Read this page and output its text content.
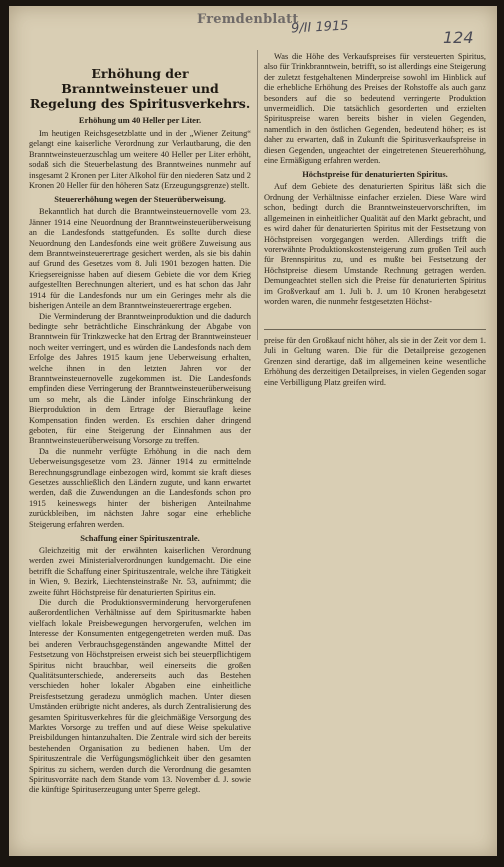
Fremdenblatt
9/II 1915
124
Erhöhung der Branntweinsteuer und
Regelung des Spiritusverkehrs.
Erhöhung um 40 Heller per Liter.

Im heutigen Reichsgesetzblatte und in der „Wiener Zeitung“ gelangt eine kaiserliche Verordnung zur Verlautbarung, die den Branntweinsteuerzuschlag um weitere 40 Heller per Liter erhöht, sodaß sich die Steuerbelastung des Branntweines nunmehr auf insgesamt 2 Kronen per Liter Alkohol für den niederen Satz und 2 Kronen 20 Heller für den höheren Satz (Erzeugungsgrenze) stellt.

Steuererhöhung wegen der Steuerüberweisung.

Bekanntlich hat durch die Branntweinsteuernovelle vom 23. Jänner 1914 eine Neuordnung der Branntweinsteuerüberweisung an die Landesfonds stattgefunden. Es sollte durch diese Neuordnung den Landesfonds eine weit größere Zuweisung aus dem Branntweinsteuerertrage gesichert werden, als sie bis dahin auf Grund des Gesetzes vom 8. Juli 1901 bezogen hatten. Die Kriegsereignisse haben auf diesem Gebiete die vor dem Krieg aufgestellten Berechnungen alteriert, und es hat schon das Jahr 1914 für die Landesfonds nur um ein Geringes mehr als die bisherigen Anteile an dem Branntweinsteuerertrage ergeben.

Die Verminderung der Branntweinproduktion und die dadurch bedingte sehr beträchtliche Einschränkung der Abgabe von Branntwein für Trinkzwecke hat den Ertrag der Branntweinsteuer noch weiter verringert, und es würden die Landesfonds nach dem Erfolge des Jahres 1915 kaum jene Ueberweisung erhalten, welche ihnen in den letzten Jahren vor der Branntweinsteuernovelle zugekommen ist. Die Landesfonds empfinden diese Verringerung der Branntweinsteuerüberweisung um so mehr, als die Länder infolge Einschränkung der Bierproduktion in dem Ertrage der Bierauflage keine Kompensation finden werden. Es erschien daher dringend geboten, für eine Steigerung der Einnahmen aus der Branntweinsteuerüberweisung Vorsorge zu treffen.

Da die nunmehr verfügte Erhöhung in die nach dem Ueberweisungsgesetze vom 23. Jänner 1914 zu ermittelnde Berechnungsgrundlage einbezogen wird, kommt sie kraft dieses Gesetzes ausschließlich den Ländern zugute, und kann erwartet werden, daß die Zuwendungen an die Landesfonds schon pro 1915 keineswegs hinter der bisherigen Anteilnahme zurückbleiben, im nächsten Jahre sogar eine erhebliche Steigerung erfahren werden.

Schaffung einer Spirituszentrale.

Gleichzeitig mit der erwähnten kaiserlichen Verordnung werden zwei Ministerialverordnungen kundgemacht. Die eine betrifft die Schaffung einer Spirituszentrale, welche ihre Tätigkeit in Wien, 9. Bezirk, Liechtensteinstraße Nr. 53, aufnimmt; die zweite führt Höchstpreise für denaturierten Spiritus ein.

Die durch die Produktionsverminderung hervorgerufenen außerordentlichen Verhältnisse auf dem Spiritusmarkte haben vielfach lokale Preisbewegungen hervorgerufen, welchen im Interesse der Konsumenten entgegengetreten werden muß. Das bei anderen Verbrauchsgegenständen angewandte Mittel der Festsetzung von Höchstpreisen erweist sich bei steuerpflichtigem Spiritus nicht brauchbar, weil einerseits die großen Qualitätsunterschiede, andererseits auch das Bestehen verschieden hoher lokaler Abgaben eine einheitliche Preisfestsetzung geradezu unmöglich machen. Unter diesen Umständen erübrigte nicht anderes, als durch Zentralisierung des gesamten Spiritusverkehres für die gleichmäßige Versorgung des Marktes Vorsorge zu treffen und auf diese Weise spekulative Preisbildungen hintanzuhalten. Die Zentrale wird sich der bereits bestehenden Organisation zu bedienen haben. Um der Spirituszentrale die Verfügungsmöglichkeit über den gesamten Spiritus zu sichern, werden durch die Verordnung die gesamten Spiritusvorräte nach dem Stande vom 13. November d. J. sowie die künftige Spirituserzeugung unter Sperre gelegt.

Was die Höhe des Verkaufspreises für versteuerten Spiritus, also für Trinkbranntwein, betrifft, so ist allerdings eine Steigerung der zuletzt festgehaltenen Minderpreise sowohl im Hinblick auf die erhebliche Erhöhung des Preises der Rohstoffe als auch ganz besonders auf die so bedeutend verringerte Produktion unvermeidlich. Die tatsächlich gesorderten und erzielten Spirituspreise waren bereits bisher in vielen Gegenden, namentlich in den östlichen Gegenden, bedeutend höher; es ist daher zu erwarten, daß in Zukunft die Spiritusverkaufspreise in diesen Gegenden, ungeachtet der eingetretenen Steuererhöhung, eine Ermäßigung erfahren werden.

Höchstpreise für denaturierten Spiritus.

Auf dem Gebiete des denaturierten Spiritus läßt sich die Ordnung der Verhältnisse einfacher erzielen. Diese Ware wird schon, bedingt durch die Branntweinsteuervorschriften, im allgemeinen in einheitlicher Qualität auf den Markt gebracht, und es wird daher für denaturierten Spiritus mit der Festsetzung von Höchstpreisen vorgegangen werden. Allerdings trifft die vorerwähnte Produktionskostensteigerung zum großen Teil auch für Brennspiritus zu, und es mußte bei Festsetzung der Höchstpreise diesem Umstande Rechnung getragen werden. Demungeachtet stellen sich die Preise für denaturierten Spiritus im Großverkauf am 1. Juli b. J. um 10 Kronen herabgesetzt worden waren, die nunmehr festgesetzten Höchst-

preise für den Großkauf nicht höher, als sie in der Zeit vor dem 1. Juli in Geltung waren. Die für die Detailpreise gezogenen Grenzen sind derartige, daß im allgemeinen keine wesentliche Erhöhung des derzeitigen Detailpreises, in vielen Gegenden sogar eine Verbilligung Platz greifen wird.
